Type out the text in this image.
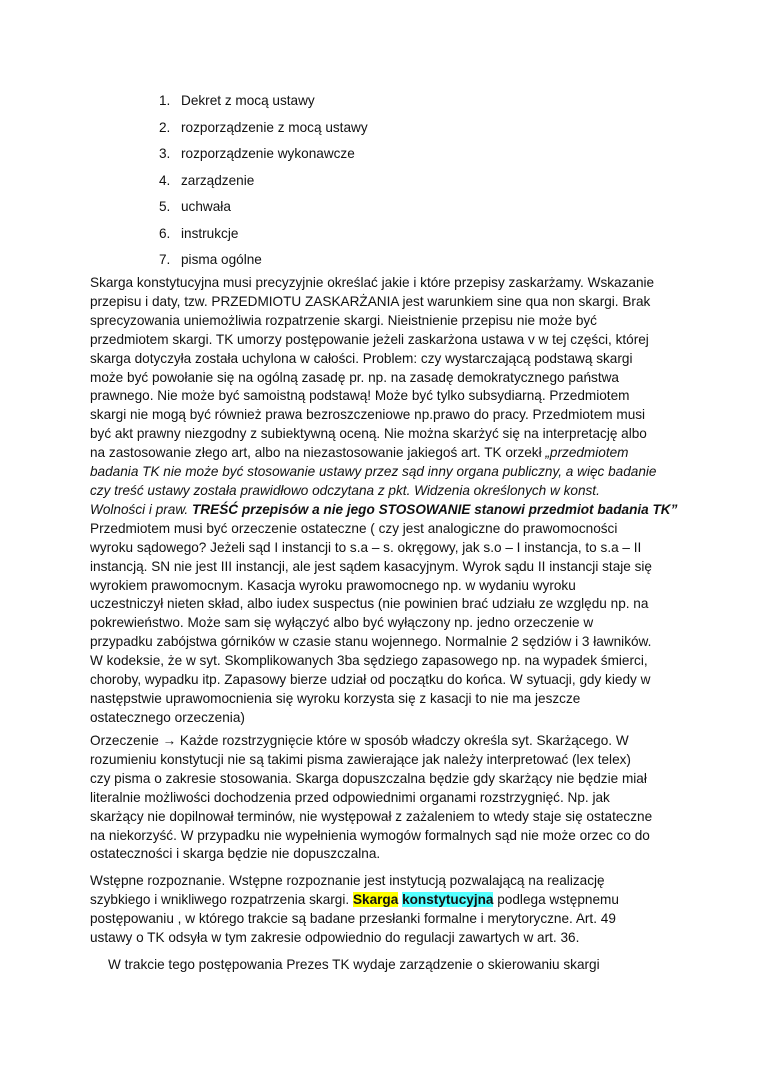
1. Dekret z mocą ustawy
2. rozporządzenie z mocą ustawy
3. rozporządzenie wykonawcze
4. zarządzenie
5. uchwała
6. instrukcje
7. pisma ogólne
Skarga konstytucyjna musi precyzyjnie określać jakie i które przepisy zaskarżamy. Wskazanie
przepisu i daty, tzw. PRZEDMIOTU ZASKARŻANIA jest warunkiem sine qua non skargi. Brak
sprecyzowania uniemożliwia rozpatrzenie skargi. Nieistnienie przepisu nie może być
przedmiotem skargi. TK umorzy postępowanie jeżeli zaskarżona ustawa v w tej części, której
skarga dotyczyła została uchylona w całości. Problem: czy wystarczającą podstawą skargi
może być powołanie się na ogólną zasadę pr. np. na zasadę demokratycznego państwa
prawnego. Nie może być samoistną podstawą! Może być tylko subsydiarną. Przedmiotem
skargi nie mogą być również prawa bezroszczeniowe np.prawo do pracy. Przedmiotem musi
być akt prawny niezgodny z subiektywną oceną. Nie można skarżyć się na interpretację albo
na zastosowanie złego art, albo na niezastosowanie jakiegoś art. TK orzekł „przedmiotem
badania TK nie może być stosowanie ustawy przez sąd inny organa publiczny, a więc badanie
czy treść ustawy została prawidłowo odczytana z pkt. Widzenia określonych w konst.
Wolności i praw. TREŚĆ przepisów a nie jego STOSOWANIE stanowi przedmiot badania TK”
Przedmiotem musi być orzeczenie ostateczne ( czy jest analogiczne do prawomocności
wyroku sądowego? Jeżeli sąd I instancji to s.a – s. okręgowy, jak s.o – I instancja, to s.a – II
instancją. SN nie jest III instancji, ale jest sądem kasacyjnym. Wyrok sądu II instancji staje się
wyrokiem prawomocnym. Kasacja wyroku prawomocnego np. w wydaniu wyroku
uczestniczył nieten skład, albo iudex suspectus (nie powinien brać udziału ze względu np. na
pokrewieństwo. Może sam się wyłączyć albo być wyłączony np. jedno orzeczenie w
przypadku zabójstwa górników w czasie stanu wojennego. Normalnie 2 sędziów i 3 ławników.
W kodeksie, że w syt. Skomplikowanych 3ba sędziego zapasowego np. na wypadek śmierci,
choroby, wypadku itp. Zapasowy bierze udział od początku do końca. W sytuacji, gdy kiedy w
następstwie uprawomocnienia się wyroku korzysta się z kasacji to nie ma jeszcze
ostatecznego orzeczenia)
Orzeczenie → Każde rozstrzygnięcie które w sposób władczy określa syt. Skarżącego. W
rozumieniu konstytucji nie są takimi pisma zawierające jak należy interpretować (lex telex)
czy pisma o zakresie stosowania. Skarga dopuszczalna będzie gdy skarżący nie będzie miał
literalnie możliwości dochodzenia przed odpowiednimi organami rozstrzygnięć. Np. jak
skarżący nie dopilnował terminów, nie występował z zażaleniem to wtedy staje się ostateczne
na niekorzyść. W przypadku nie wypełnienia wymogów formalnych sąd nie może orzec co do
ostateczności i skarga będzie nie dopuszczalna.
Wstępne rozpoznanie. Wstępne rozpoznanie jest instytucją pozwalającą na realizację
szybkiego i wnikliwego rozpatrzenia skargi. Skarga konstytucyjna podlega wstępnemu
postępowaniu , w którego trakcie są badane przesłanki formalne i merytoryczne. Art. 49
ustawy o TK odsyła w tym zakresie odpowiednio do regulacji zawartych w art. 36.
W trakcie tego postępowania Prezes TK wydaje zarządzenie o skierowaniu skargi
